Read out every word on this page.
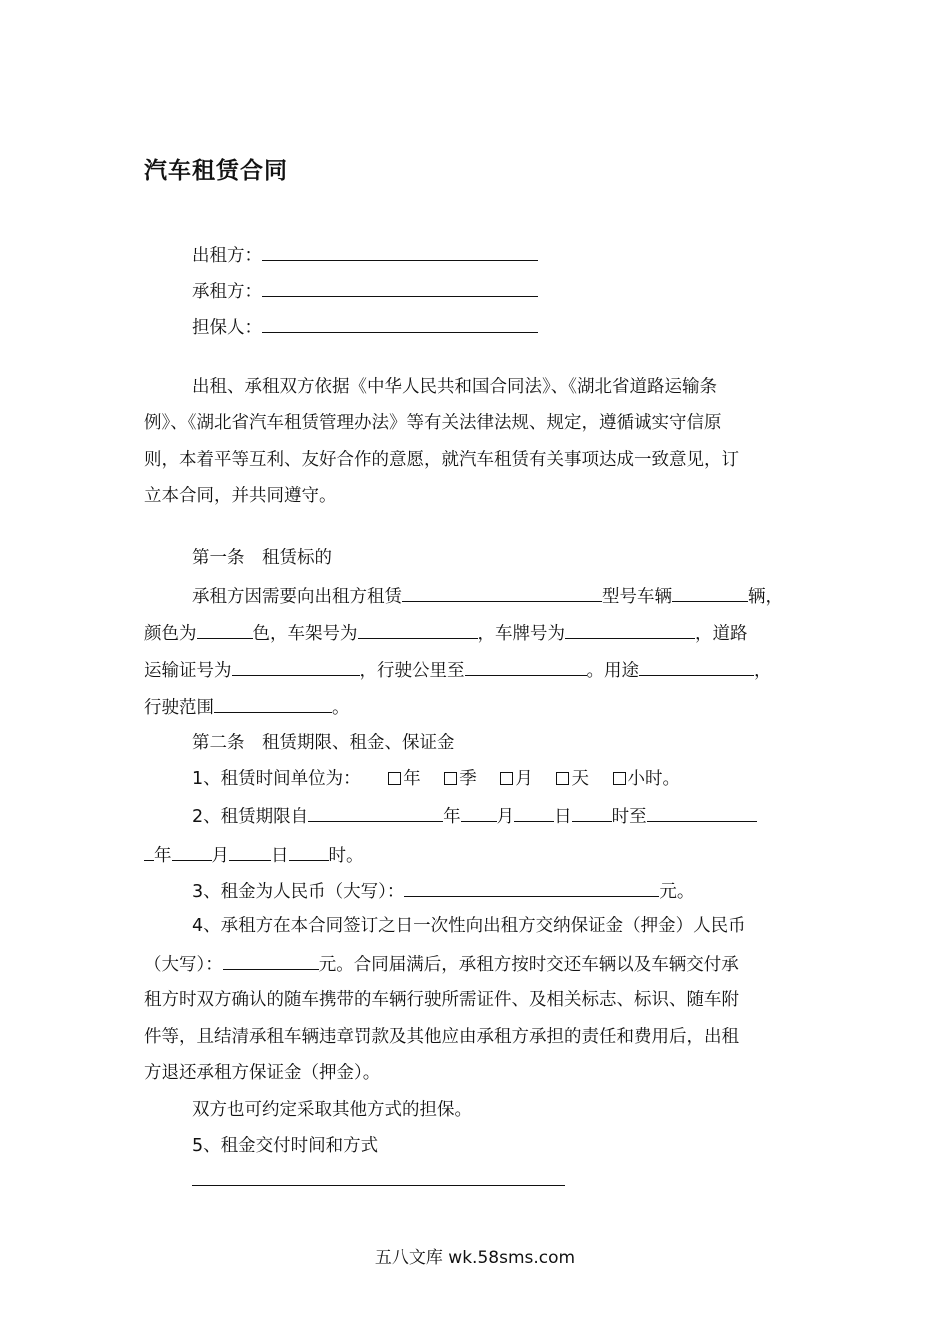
汽车租赁合同
出租方：
承租方：
担保人：
出租、承租双方依据《中华人民共和国合同法》、《湖北省道路运输条
例》、《湖北省汽车租赁管理办法》等有关法律法规、规定，遵循诚实守信原
则，本着平等互利、友好合作的意愿，就汽车租赁有关事项达成一致意见，订
立本合同，并共同遵守。
第一条　租赁标的
承租方因需要向出租方租赁	型号车辆	辆，
颜色为	色，车架号为	，车牌号为	，道路
运输证号为	，行驶公里至	。用途	，
行驶范围	。
第二条　租赁期限、租金、保证金
1、租赁时间单位为： 年 季 月 天 小时。
2、租赁期限自	年 月 日 时至
年 月 日 时。
3、租金为人民币（大写）：	元。
4、承租方在本合同签订之日一次性向出租方交纳保证金（押金）人民币
（大写）：	元。合同届满后，承租方按时交还车辆以及车辆交付承
租方时双方确认的随车携带的车辆行驶所需证件、及相关标志、标识、随车附
件等，且结清承租车辆违章罚款及其他应由承租方承担的责任和费用后，出租
方退还承租方保证金（押金）。
双方也可约定采取其他方式的担保。
5、租金交付时间和方式
五八文库 wk.58sms.com
